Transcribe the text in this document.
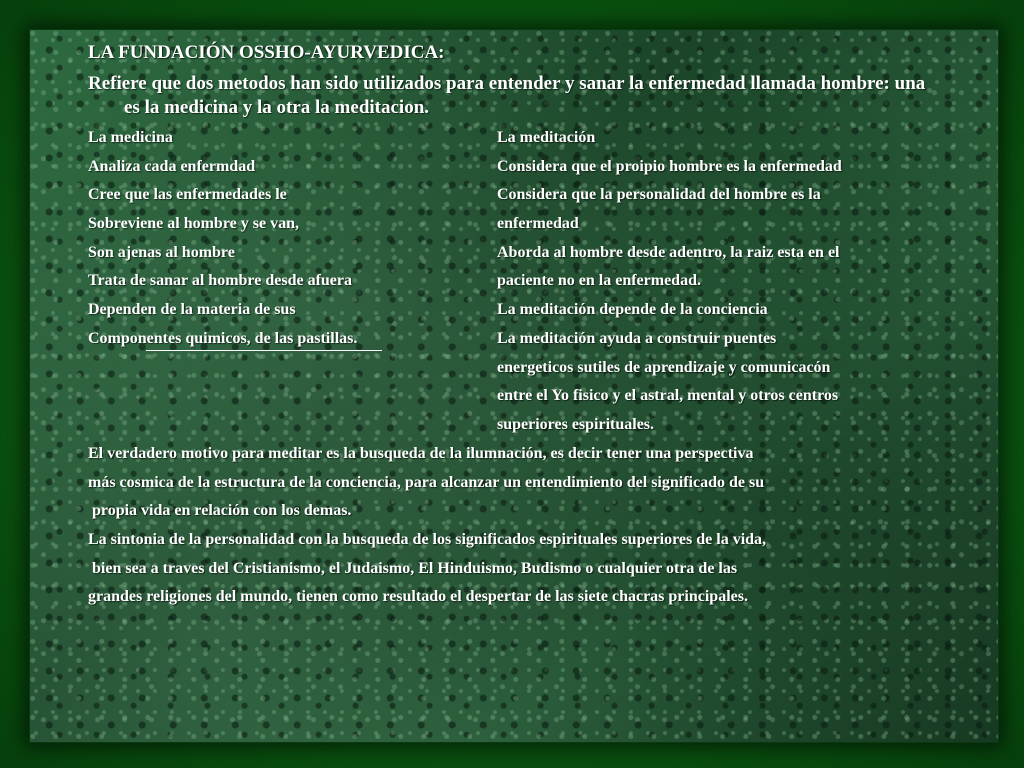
LA FUNDACIÓN OSSHO-AYURVEDICA:

Refiere que dos metodos han sido utilizados para entender y sanar la enfermedad llamada hombre: una es la medicina y la otra la meditacion.

La medicina
Analiza cada enfermdad
Cree que las enfermedades le
Sobreviene al hombre y se van,
Son ajenas al hombre
Trata de sanar al hombre desde afuera
Dependen de la materia de sus
Componentes quimicos, de las pastillas.
La meditación
Considera que el proipio hombre es la enfermedad
Considera que la personalidad del hombre es la
enfermedad
Aborda al hombre desde adentro, la raiz esta en el
paciente no en la enfermedad.
La meditación depende de la conciencia
La meditación ayuda a construir puentes
energeticos sutiles de aprendizaje y comunicacón
entre el Yo fisico y el astral, mental y otros centros
superiores espirituales.
El verdadero motivo para meditar es la busqueda de la ilumnación, es decir tener una perspectiva
más cosmica de la estructura de la conciencia, para alcanzar un entendimiento del significado de su
propia vida en relación con los demas.
La sintonia de la personalidad con la busqueda de los significados espirituales superiores de la vida,
bien sea a traves del Cristianismo, el Judaismo, El Hinduismo, Budismo o cualquier otra de las
grandes religiones del mundo, tienen como resultado el despertar de las siete chacras principales.
